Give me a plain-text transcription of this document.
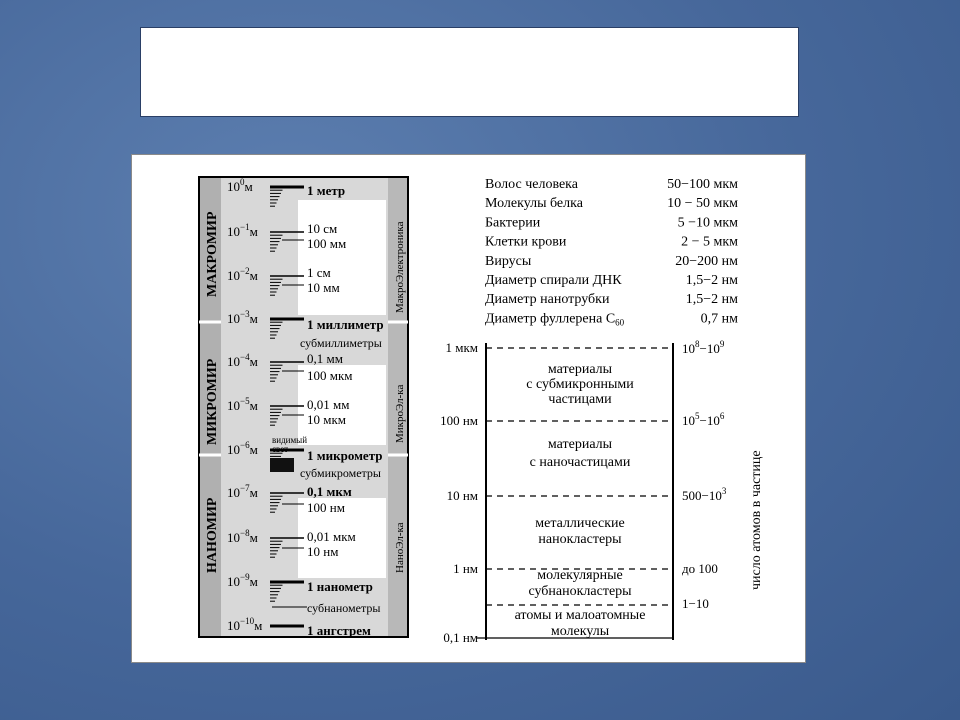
МАКРОМИР
МИКРОМИР
НАНОМИР
МакроЭлектроника
МикроЭл-ка
НаноЭл-ка
$10^0м$
$10^{-1}м$
$10^{-2}м$
$10^{-3}м$
$10^{-4}м$
$10^{-5}м$
$10^{-6}м$
$10^{-7}м$
$10^{-8}м$
$10^{-9}м$
$10^{-10}м$
видимый
свет
1 метр
10 см
100 мм
1 см
10 мм
1 миллиметр
субмиллиметры
0,1 мм
100 мкм
0,01 мм
10 мкм
1 микрометр
субмикрометры
0,1 мкм
100 нм
0,01 мкм
10 нм
1 нанометр
субнанометры
1 ангстрем
Волос человека	50−100 мкм
Молекулы белка	10 − 50 мкм
Бактерии	5 −10 мкм
Клетки крови	2 − 5 мкм
Вирусы	20−200 нм
Диаметр спирали ДНК	1,5−2 нм
Диаметр нанотрубки	1,5−2 нм
Диаметр фуллерена $С_{60}$	0,7 нм
1 мкм
100 нм
10 нм
1 нм
0,1 нм
$10^8-10^9$
$10^5-10^6$
$500-10^3$
до 100
1−10
материалы
с субмикронными
частицами
материалы
с наночастицами
металлические
нанокластеры
молекулярные
субнанокластеры
атомы и малоатомные
молекулы
число атомов в частице
